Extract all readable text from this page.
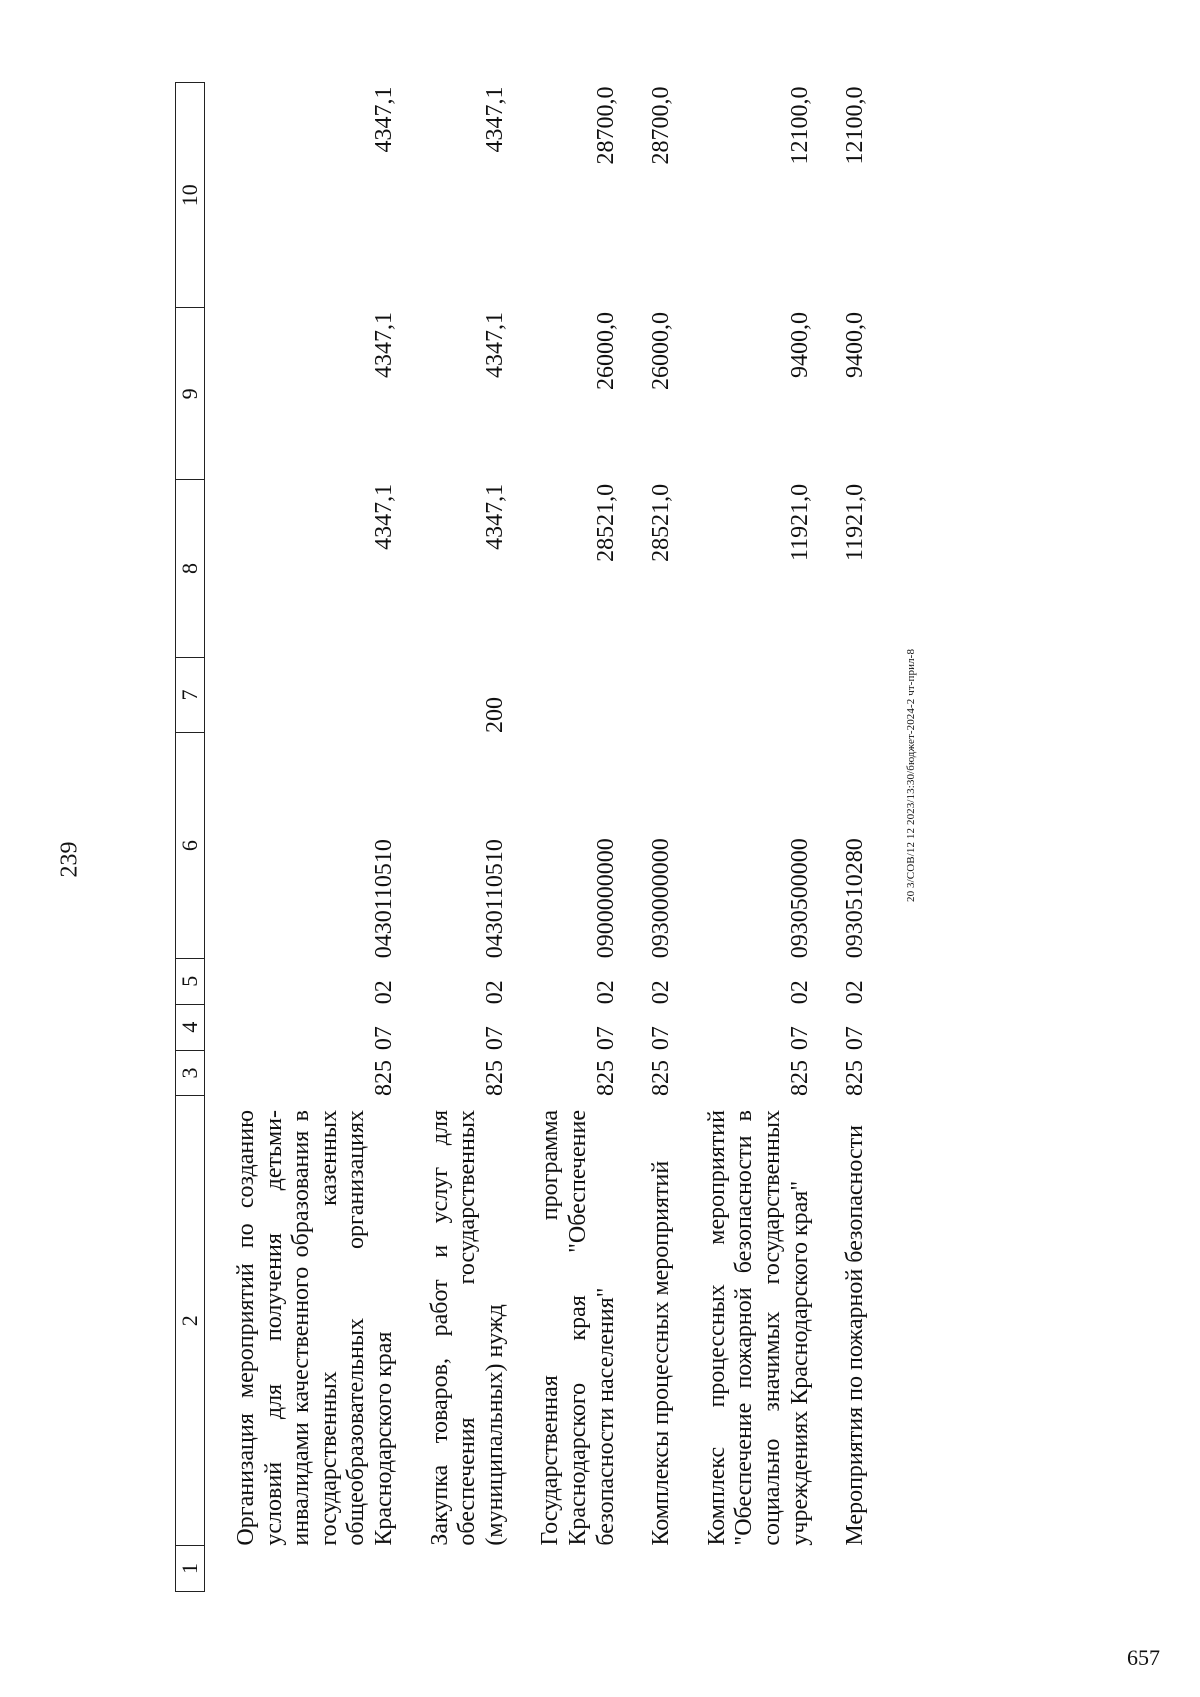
239	20 3/СОВ/12 12 2023/13:30/бюджет-2024-2 чт-прил-8
657
1	2	3	4	5	6	7	8	9	10
	Организация мероприятий по созданию условий для получения детьми-инвалидами качественного образования в государственных казенных общеобразовательных организациях Краснодарского края	825	07	02	0430110510		4347,1	4347,1	4347,1
	Закупка товаров, работ и услуг для обеспечения государственных (муниципальных) нужд	825	07	02	0430110510	200	4347,1	4347,1	4347,1
	Государственная программа Краснодарского края "Обеспечение безопасности населения"	825	07	02	0900000000		28521,0	26000,0	28700,0
	Комплексы процессных мероприятий	825	07	02	0930000000		28521,0	26000,0	28700,0
	Комплекс процессных мероприятий "Обеспечение пожарной безопасности в социально значимых государственных учреждениях Краснодарского края"	825	07	02	0930500000		11921,0	9400,0	12100,0
	Мероприятия по пожарной безопасности	825	07	02	0930510280		11921,0	9400,0	12100,0
